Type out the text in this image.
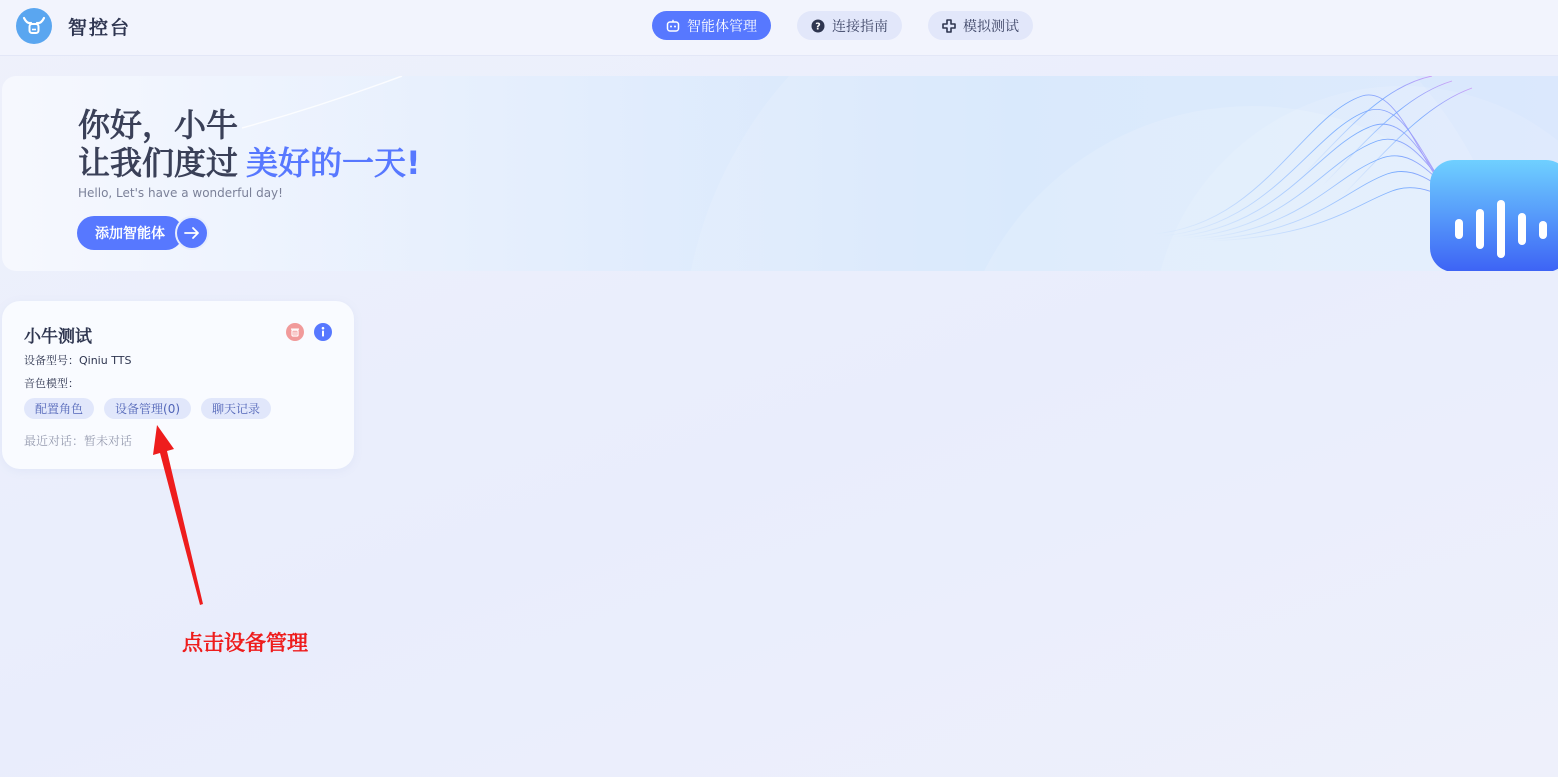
智控台	智能体管理	? 连接指南	模拟测试
你好，小牛
让我们度过 美好的一天!
Hello, Let's have a wonderful day!
添加智能体
小牛测试
设备型号：Qiniu TTS
音色模型：
配置角色	设备管理(0)	聊天记录
最近对话：暂未对话
点击设备管理
